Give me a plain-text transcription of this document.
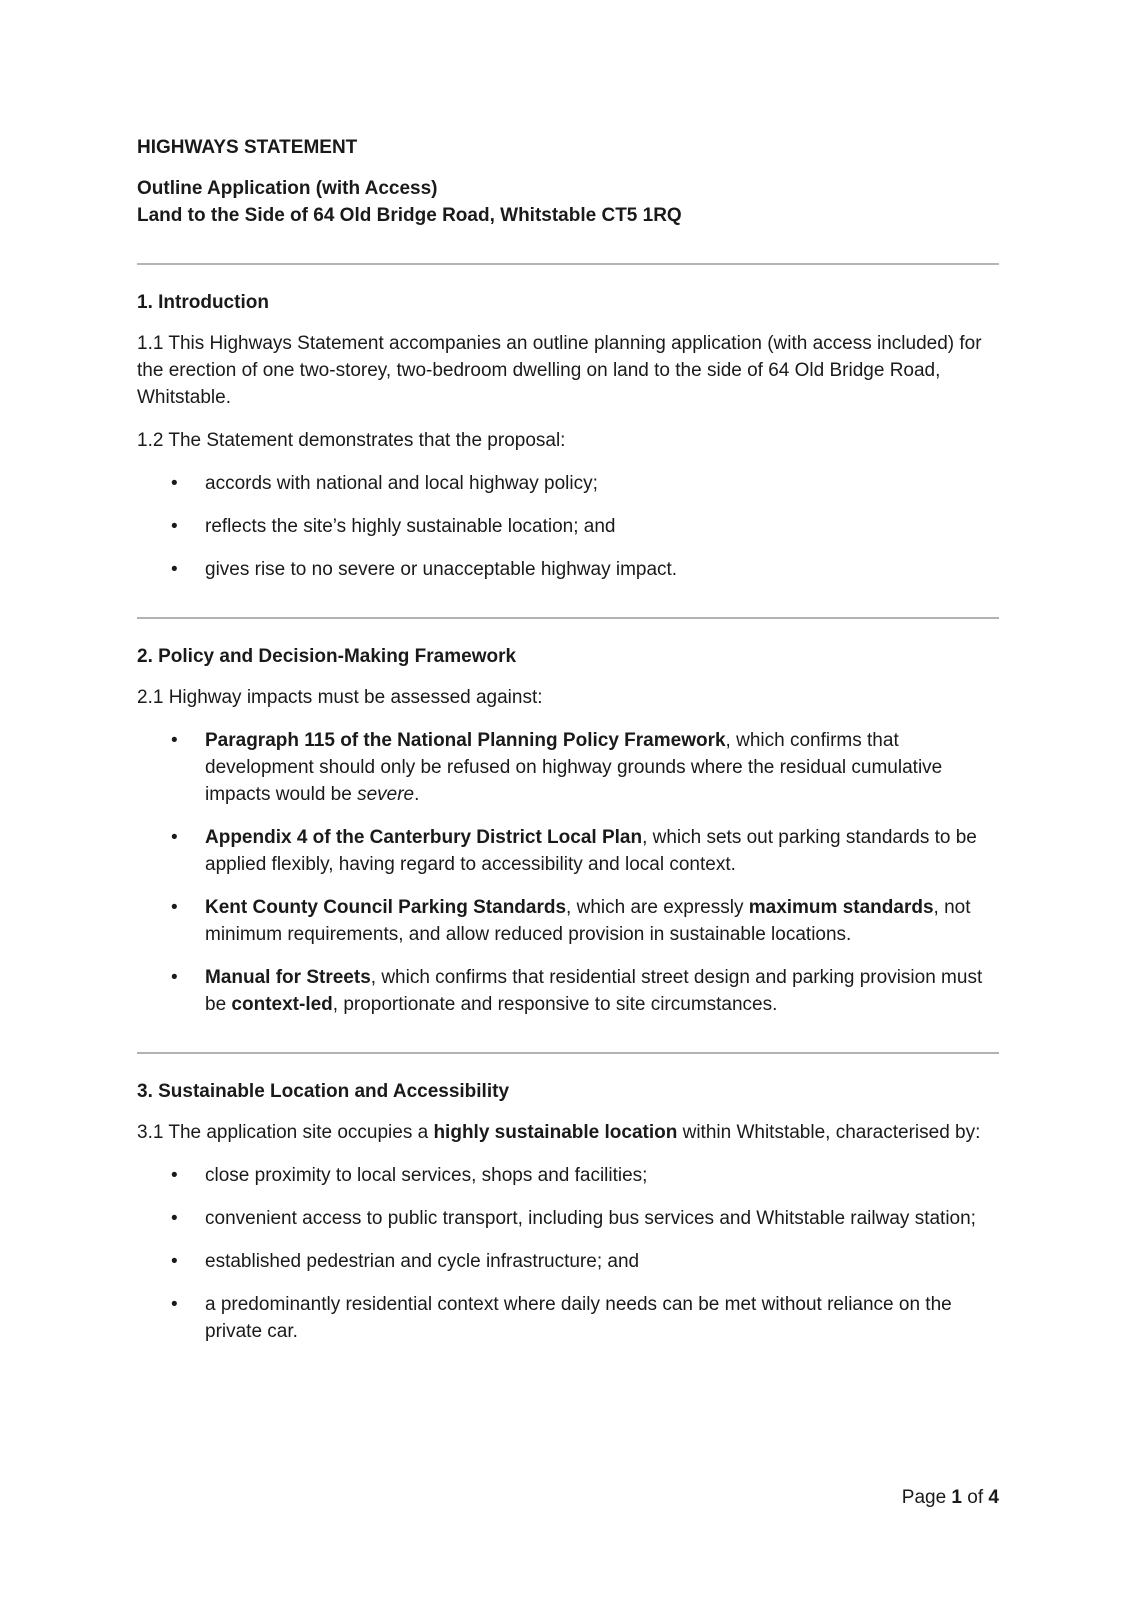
HIGHWAYS STATEMENT
Outline Application (with Access)
Land to the Side of 64 Old Bridge Road, Whitstable CT5 1RQ
1. Introduction

1.1 This Highways Statement accompanies an outline planning application (with access included) for the erection of one two-storey, two-bedroom dwelling on land to the side of 64 Old Bridge Road, Whitstable.

1.2 The Statement demonstrates that the proposal:

• accords with national and local highway policy;
• reflects the site’s highly sustainable location; and
• gives rise to no severe or unacceptable highway impact.
2. Policy and Decision-Making Framework

2.1 Highway impacts must be assessed against:

• Paragraph 115 of the National Planning Policy Framework, which confirms that development should only be refused on highway grounds where the residual cumulative impacts would be severe.
• Appendix 4 of the Canterbury District Local Plan, which sets out parking standards to be applied flexibly, having regard to accessibility and local context.
• Kent County Council Parking Standards, which are expressly maximum standards, not minimum requirements, and allow reduced provision in sustainable locations.
• Manual for Streets, which confirms that residential street design and parking provision must be context-led, proportionate and responsive to site circumstances.
3. Sustainable Location and Accessibility

3.1 The application site occupies a highly sustainable location within Whitstable, characterised by:

• close proximity to local services, shops and facilities;
• convenient access to public transport, including bus services and Whitstable railway station;
• established pedestrian and cycle infrastructure; and
• a predominantly residential context where daily needs can be met without reliance on the private car.
Page 1 of 4
